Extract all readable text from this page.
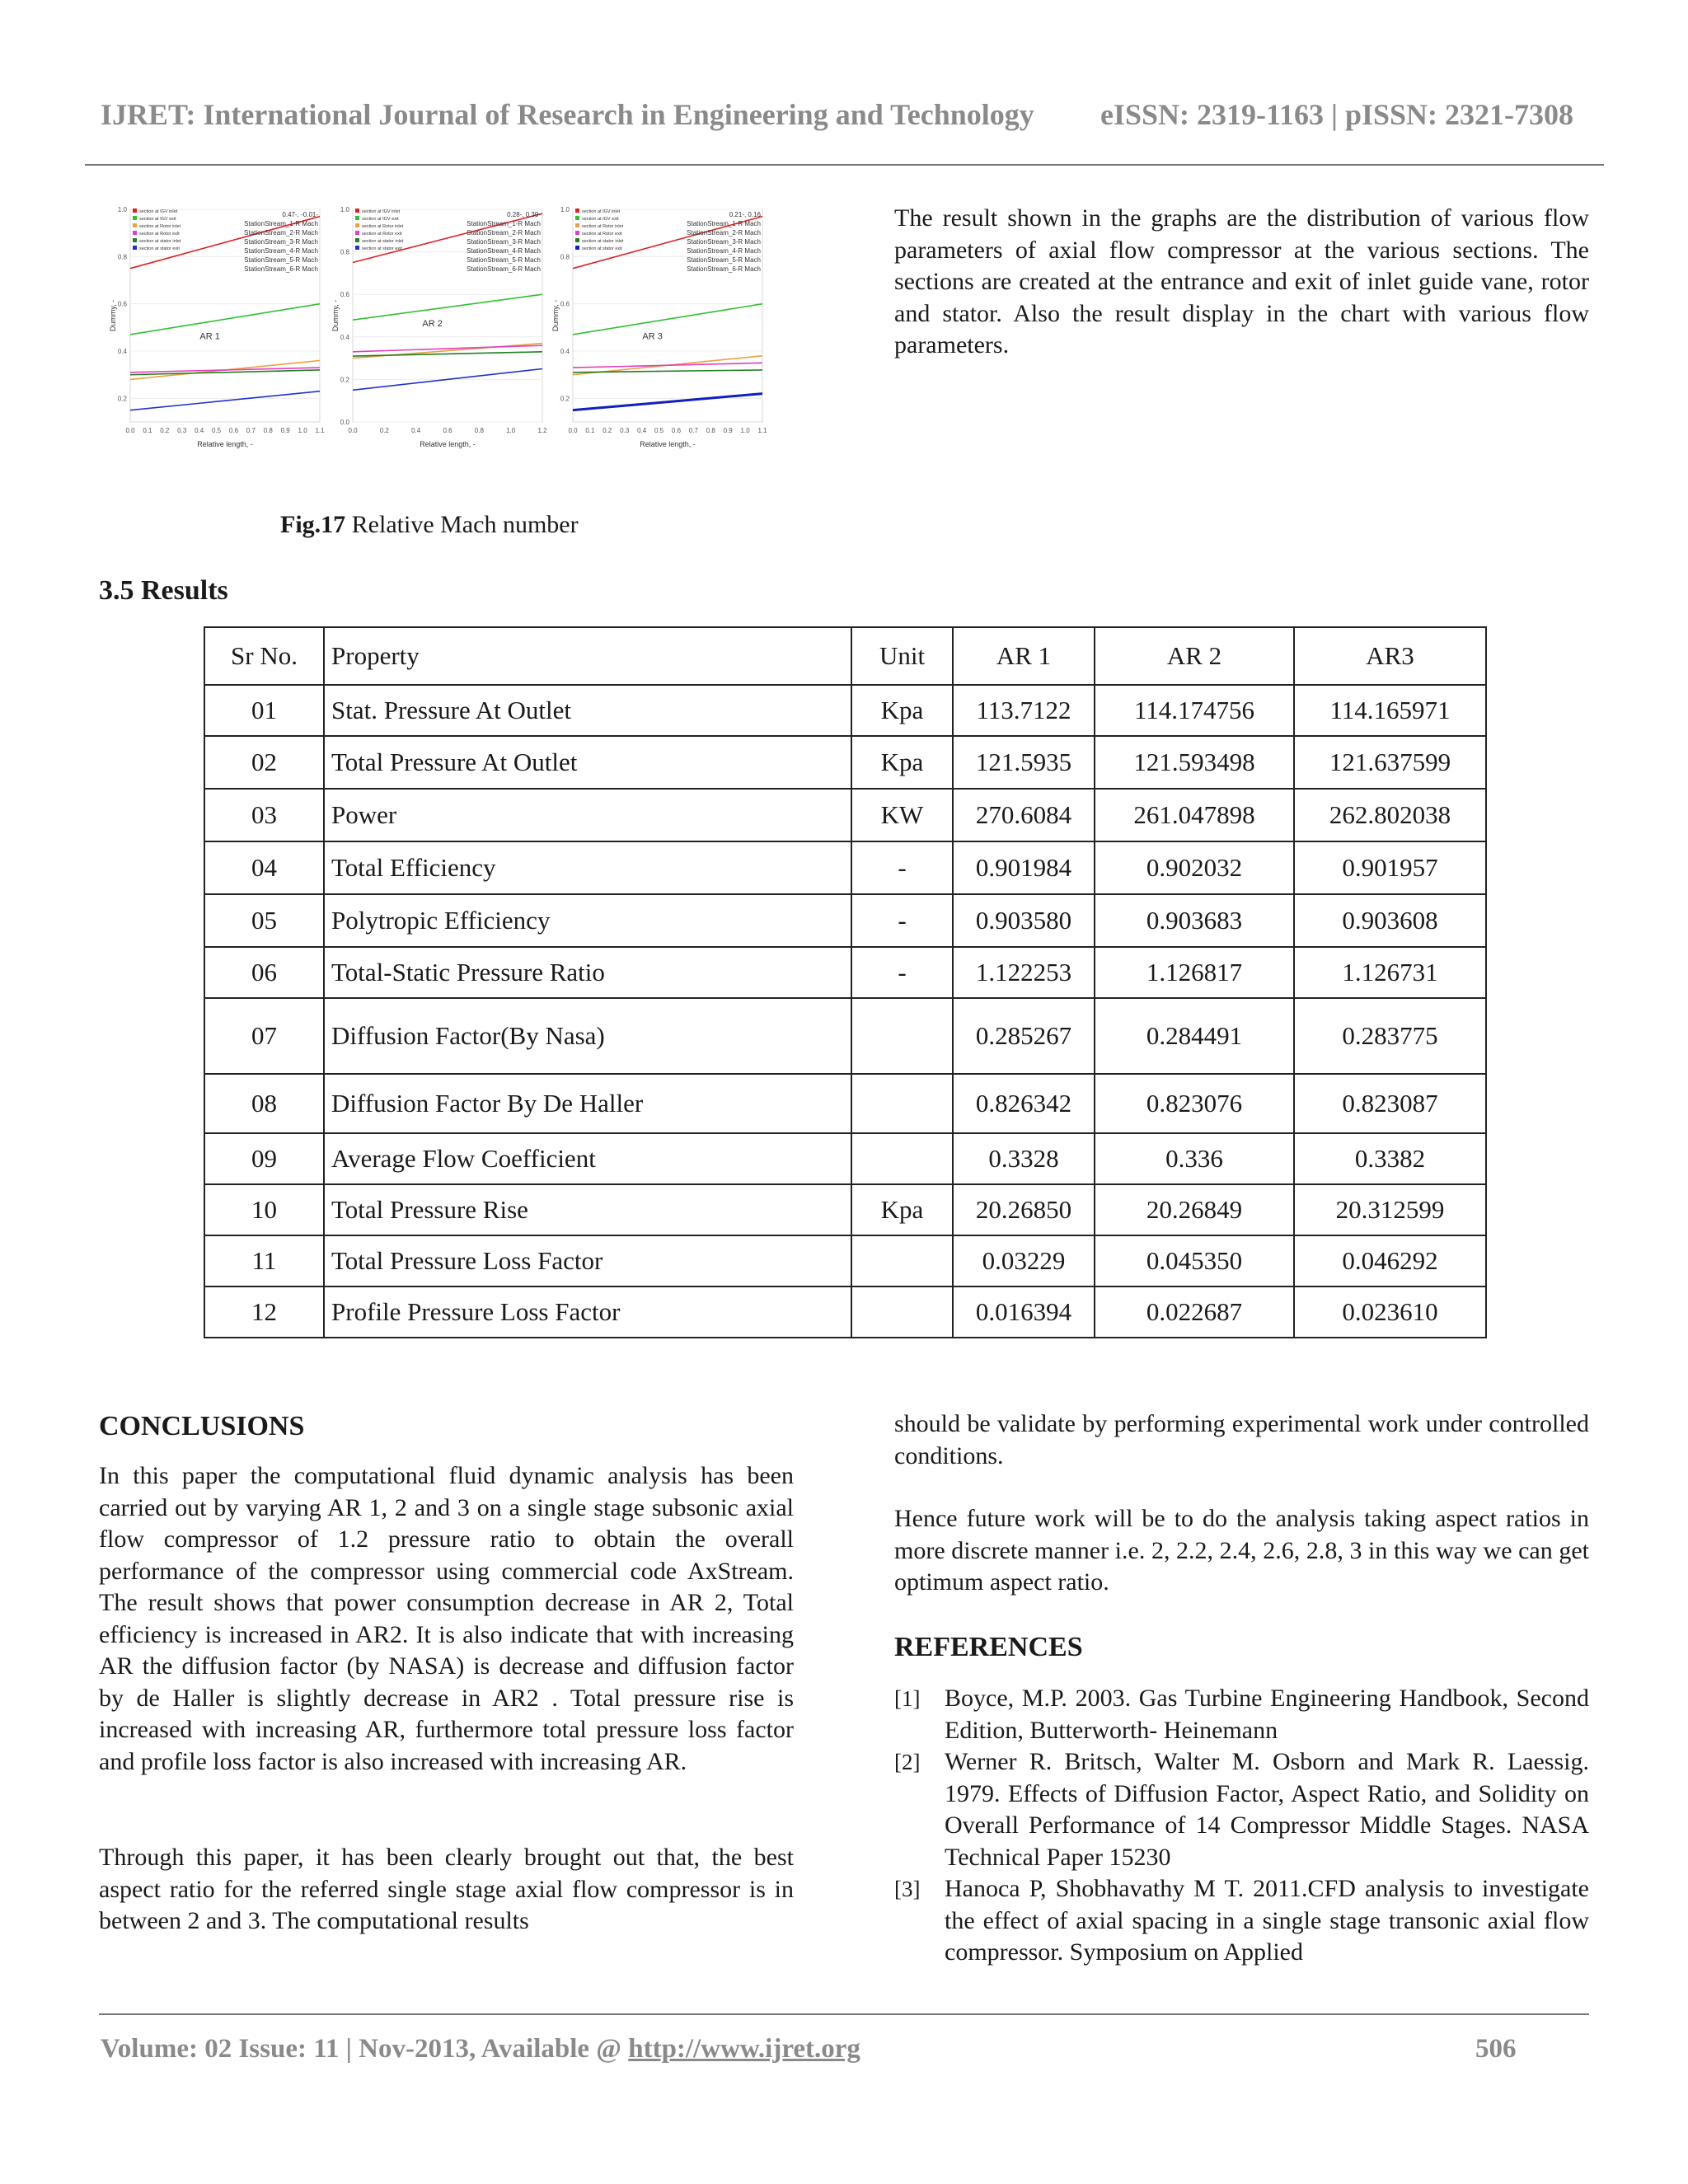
IJRET: International Journal of Research in Engineering and Technology eISSN: 2319-1163 | pISSN: 2321-7308
0.2
0.4
0.6
0.8
1.0
0.0 0.1 0.2 0.3 0.4 0.5 0.6 0.7 0.8 0.9 1.0 1.1
Relative length, -
Dummy, -
section at IGV inlet
section at IGV exit
section at Rotor inlet
section at Rotor exit
section at stator inlet
section at stator exit
StationStream_1-R Mach
StationStream_2-R Mach
StationStream_3-R Mach
StationStream_4-R Mach
StationStream_5-R Mach
StationStream_6-R Mach
0.47-, -0.01-
AR 1
0.0
0.2
0.4
0.6
0.8
1.0
0.0	0.2	0.4	0.6	0.8	1.0	1.2
Relative length, -
Dummy, -
section at IGV inlet
section at IGV exit
section at Rotor inlet
section at Rotor exit
section at stator inlet
section at stator exit
StationStream_1-R Mach
StationStream_2-R Mach
StationStream_3-R Mach
StationStream_4-R Mach
StationStream_5-R Mach
StationStream_6-R Mach
0.28-, 0.39-
AR 2
0.2
0.4
0.6
0.8
1.0
0.0 0.1 0.2 0.3 0.4 0.5 0.6 0.7 0.8 0.9 1.0 1.1
Relative length, -
Dummy, -
section at IGV inlet
section at IGV exit
section at Rotor inlet
section at Rotor exit
section at stator inlet
section at stator exit
StationStream_1-R Mach
StationStream_2-R Mach
StationStream_3-R Mach
StationStream_4-R Mach
StationStream_5-R Mach
StationStream_6-R Mach
0.21-, 0.16
AR 3
Fig.17 Relative Mach number
The result shown in the graphs are the distribution of various flow parameters of axial flow compressor at the various sections. The sections are created at the entrance and exit of inlet guide vane, rotor and stator. Also the result display in the chart with various flow parameters.
3.5 Results
Sr No.	Property	Unit	AR 1	AR 2	AR3
01	Stat. Pressure At Outlet	Kpa	113.7122	114.174756	114.165971
02	Total Pressure At Outlet	Kpa	121.5935	121.593498	121.637599
03	Power	KW	270.6084	261.047898	262.802038
04	Total Efficiency	-	0.901984	0.902032	0.901957
05	Polytropic Efficiency	-	0.903580	0.903683	0.903608
06	Total-Static Pressure Ratio	-	1.122253	1.126817	1.126731
07	Diffusion Factor(By Nasa)		0.285267	0.284491	0.283775
08	Diffusion Factor By De Haller		0.826342	0.823076	0.823087
09	Average Flow Coefficient		0.3328	0.336	0.3382
10	Total Pressure Rise	Kpa	20.26850	20.26849	20.312599
11	Total Pressure Loss Factor		0.03229	0.045350	0.046292
12	Profile Pressure Loss Factor		0.016394	0.022687	0.023610
CONCLUSIONS
In this paper the computational fluid dynamic analysis has been carried out by varying AR 1, 2 and 3 on a single stage subsonic axial flow compressor of 1.2 pressure ratio to obtain the overall performance of the compressor using commercial code AxStream. The result shows that power consumption decrease in AR 2, Total efficiency is increased in AR2. It is also indicate that with increasing AR the diffusion factor (by NASA) is decrease and diffusion factor by de Haller is slightly decrease in AR2 . Total pressure rise is increased with increasing AR, furthermore total pressure loss factor and profile loss factor is also increased with increasing AR.
Through this paper, it has been clearly brought out that, the best aspect ratio for the referred single stage axial flow compressor is in between 2 and 3. The computational results
should be validate by performing experimental work under controlled conditions.
Hence future work will be to do the analysis taking aspect ratios in more discrete manner i.e. 2, 2.2, 2.4, 2.6, 2.8, 3 in this way we can get optimum aspect ratio.
REFERENCES
[1] Boyce, M.P. 2003. Gas Turbine Engineering Handbook, Second Edition, Butterworth- Heinemann
[2] Werner R. Britsch, Walter M. Osborn and Mark R. Laessig. 1979. Effects of Diffusion Factor, Aspect Ratio, and Solidity on Overall Performance of 14 Compressor Middle Stages. NASA Technical Paper 15230
[3] Hanoca P, Shobhavathy M T. 2011.CFD analysis to investigate the effect of axial spacing in a single stage transonic axial flow compressor. Symposium on Applied
Volume: 02 Issue: 11 | Nov-2013, Available @ http://www.ijret.org	506
